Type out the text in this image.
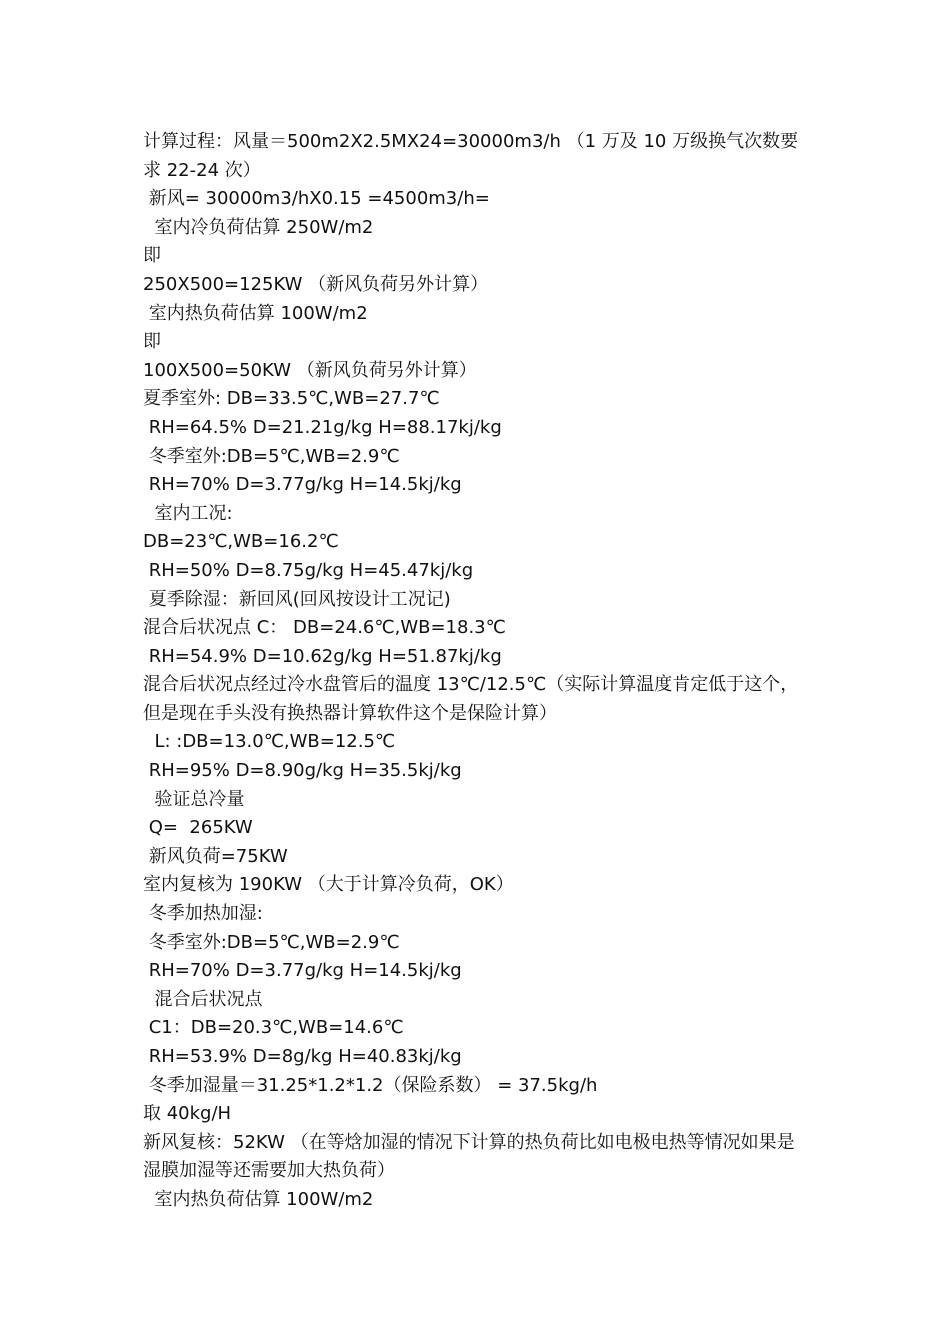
计算过程：风量＝500m2X2.5MX24=30000m3/h （1 万及 10 万级换气次数要求 22-24 次）
新风= 30000m3/hX0.15 =4500m3/h=
室内冷负荷估算 250W/m2
即
250X500=125KW （新风负荷另外计算）
室内热负荷估算 100W/m2
即
100X500=50KW （新风负荷另外计算）
夏季室外: DB=33.5℃,WB=27.7℃
RH=64.5% D=21.21g/kg H=88.17kj/kg
冬季室外:DB=5℃,WB=2.9℃
RH=70% D=3.77g/kg H=14.5kj/kg
室内工况:
DB=23℃,WB=16.2℃
RH=50% D=8.75g/kg H=45.47kj/kg
夏季除湿：新回风(回风按设计工况记)
混合后状况点 C： DB=24.6℃,WB=18.3℃
RH=54.9% D=10.62g/kg H=51.87kj/kg
混合后状况点经过冷水盘管后的温度 13℃/12.5℃（实际计算温度肯定低于这个，但是现在手头没有换热器计算软件这个是保险计算）
L: :DB=13.0℃,WB=12.5℃
RH=95% D=8.90g/kg H=35.5kj/kg
验证总冷量
Q=  265KW
新风负荷=75KW
室内复核为 190KW （大于计算冷负荷，OK）
冬季加热加湿:
冬季室外:DB=5℃,WB=2.9℃
RH=70% D=3.77g/kg H=14.5kj/kg
混合后状况点
C1：DB=20.3℃,WB=14.6℃
RH=53.9% D=8g/kg H=40.83kj/kg
冬季加湿量＝31.25*1.2*1.2（保险系数） = 37.5kg/h
取 40kg/H
新风复核：52KW （在等焓加湿的情况下计算的热负荷比如电极电热等情况如果是湿膜加湿等还需要加大热负荷）
室内热负荷估算 100W/m2
